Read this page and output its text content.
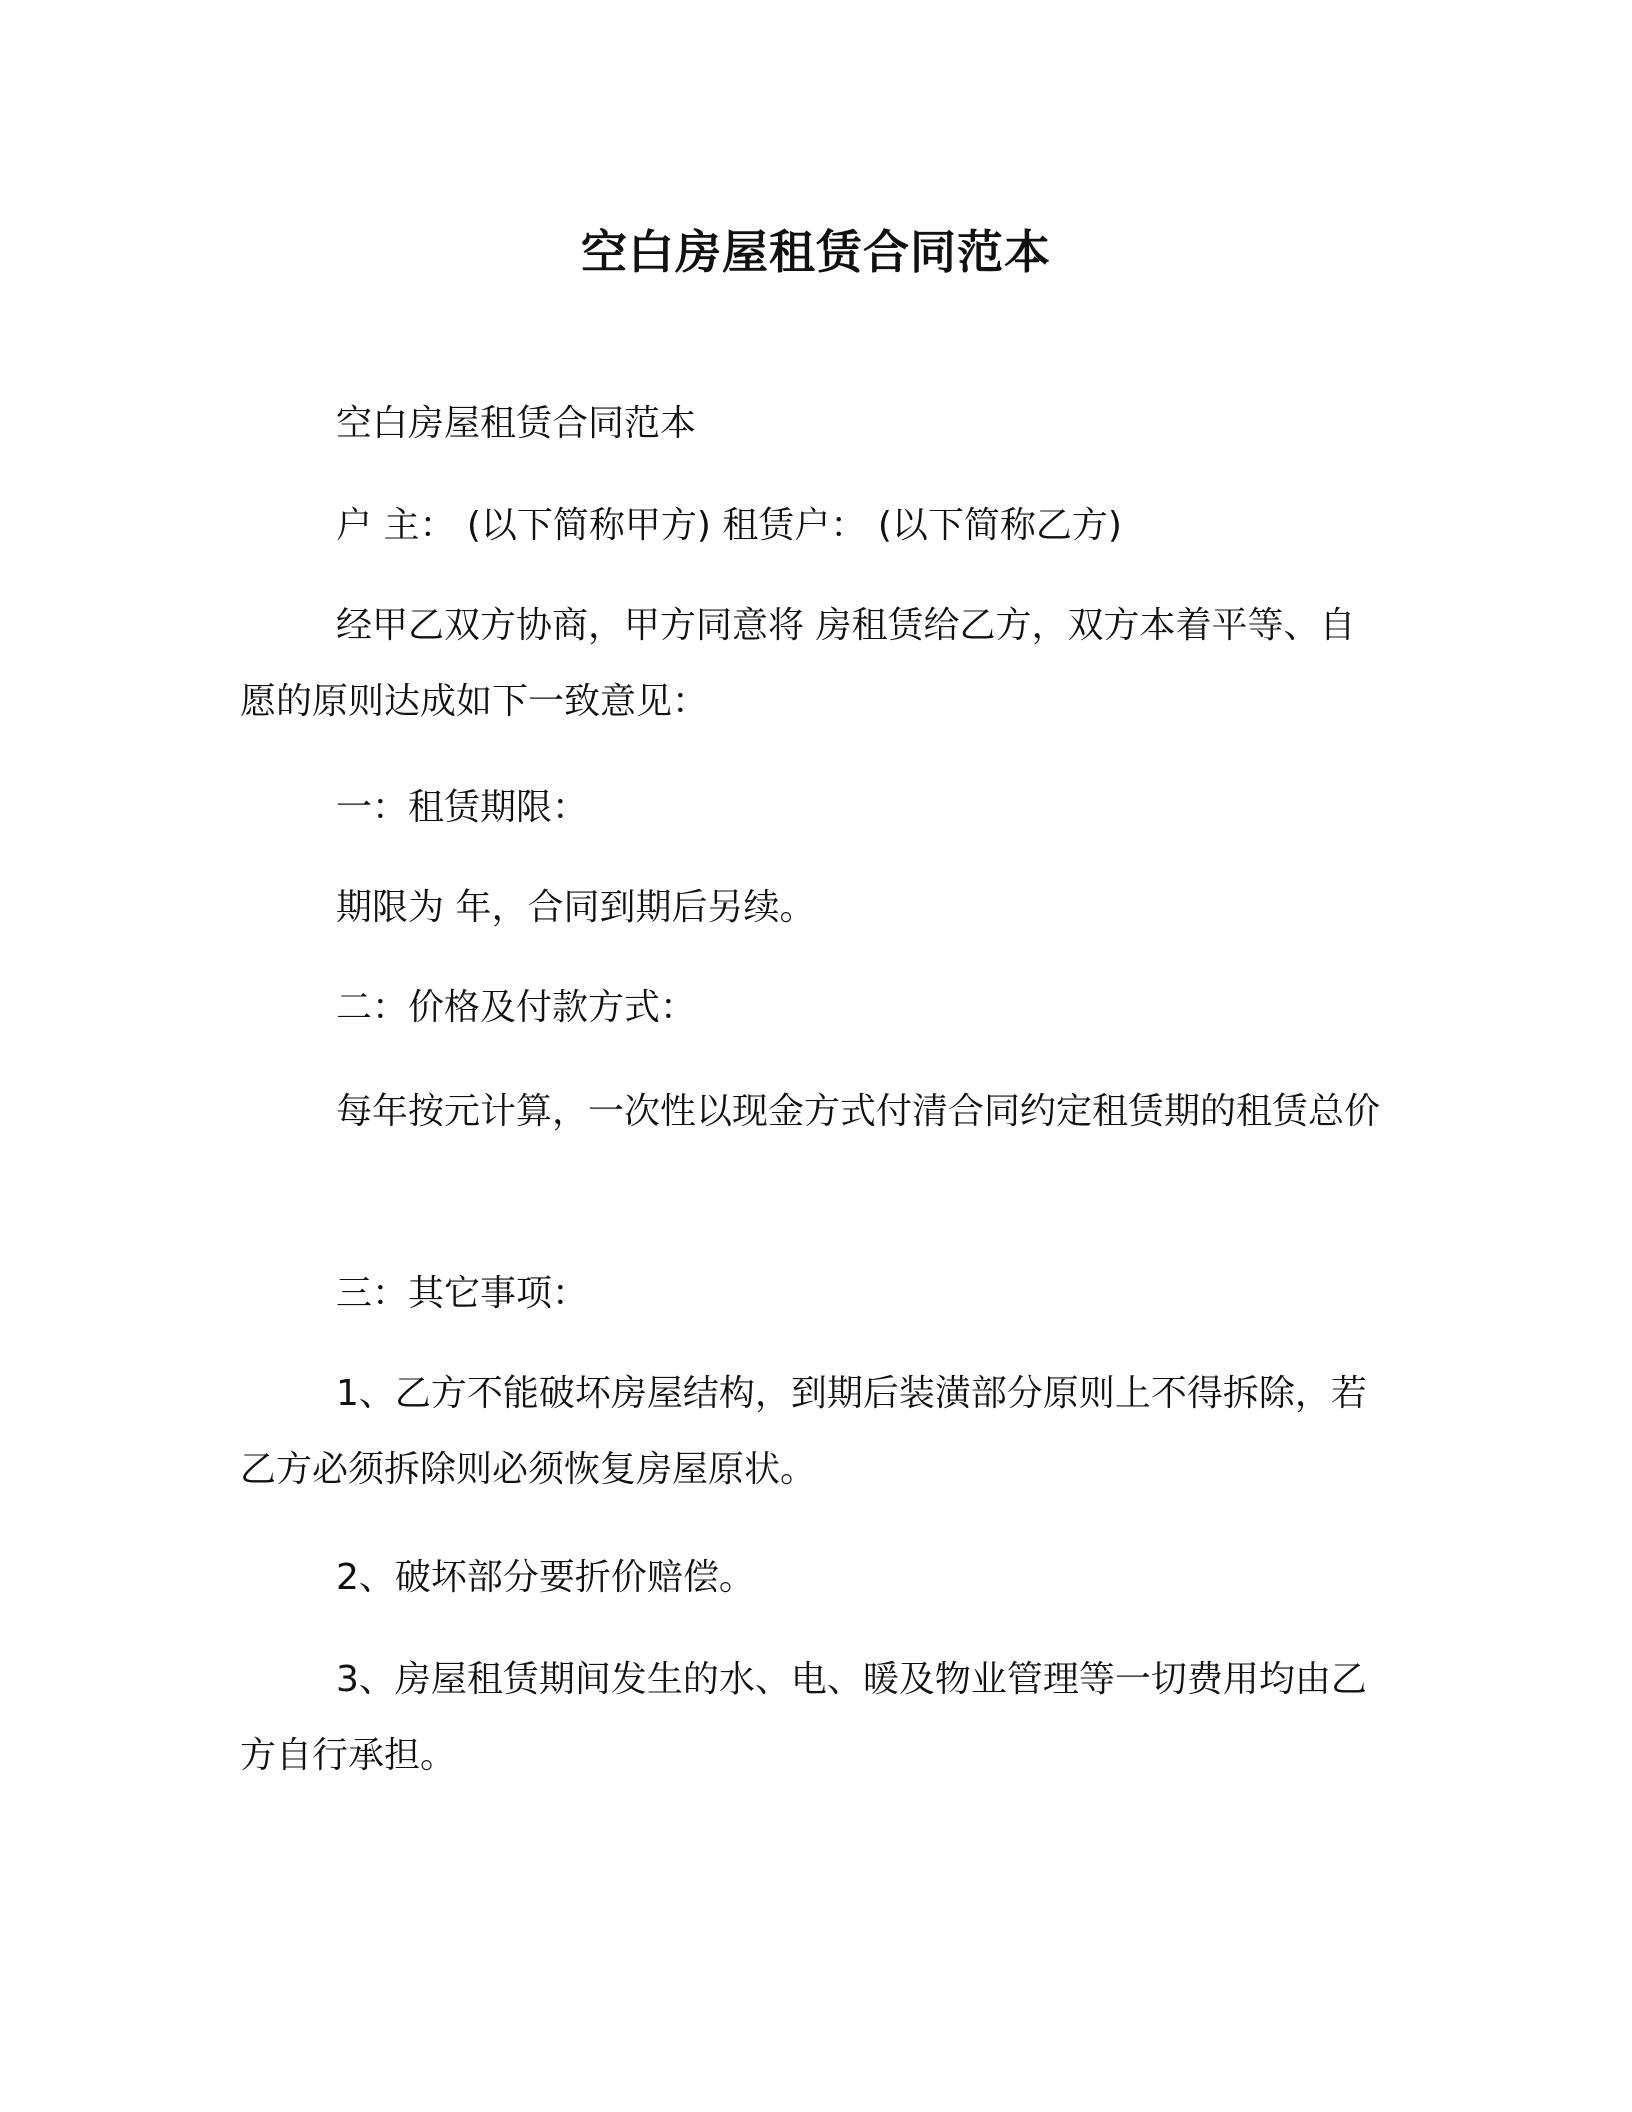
空白房屋租赁合同范本
空白房屋租赁合同范本
户 主： (以下简称甲方) 租赁户： (以下简称乙方)
经甲乙双方协商，甲方同意将 房租赁给乙方，双方本着平等、自愿的原则达成如下一致意见：
一：租赁期限：
期限为 年，合同到期后另续。
二：价格及付款方式：
每年按元计算，一次性以现金方式付清合同约定租赁期的租赁总价
三：其它事项：
1、乙方不能破坏房屋结构，到期后装潢部分原则上不得拆除，若乙方必须拆除则必须恢复房屋原状。
2、破坏部分要折价赔偿。
3、房屋租赁期间发生的水、电、暖及物业管理等一切费用均由乙方自行承担。
